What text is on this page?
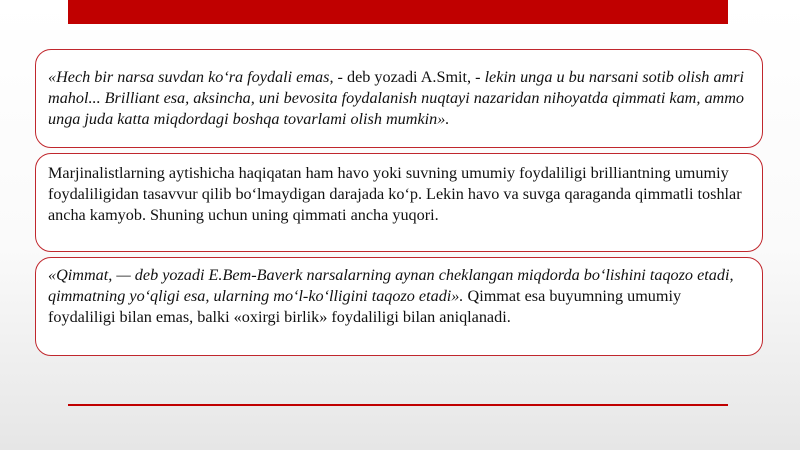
«Hech bir narsa suvdan ko‘ra foydali emas, - deb yozadi A.Smit, - lekin unga u bu narsani sotib olish amri mahol... Brilliant esa, aksincha, uni bevosita foydalanish nuqtayi nazaridan nihoyatda qimmati kam, ammo unga juda katta miqdordagi boshqa tovarlami olish mumkin».

Marjinalistlarning aytishicha haqiqatan ham havo yoki suvning umumiy foydaliligi brilliantning umumiy foydaliligidan tasavvur qilib bo‘lmaydigan darajada ko‘p. Lekin havo va suvga qaraganda qimmatli toshlar ancha kamyob. Shuning uchun uning qimmati ancha yuqori.

«Qimmat, — deb yozadi E.Bem-Baverk narsalarning aynan cheklangan miqdorda bo‘lishini taqozo etadi, qimmatning yo‘qligi esa, ularning mo‘l-ko‘lligini taqozo etadi». Qimmat esa buyumning umumiy foydaliligi bilan emas, balki «oxirgi birlik» foydaliligi bilan aniqlanadi.
